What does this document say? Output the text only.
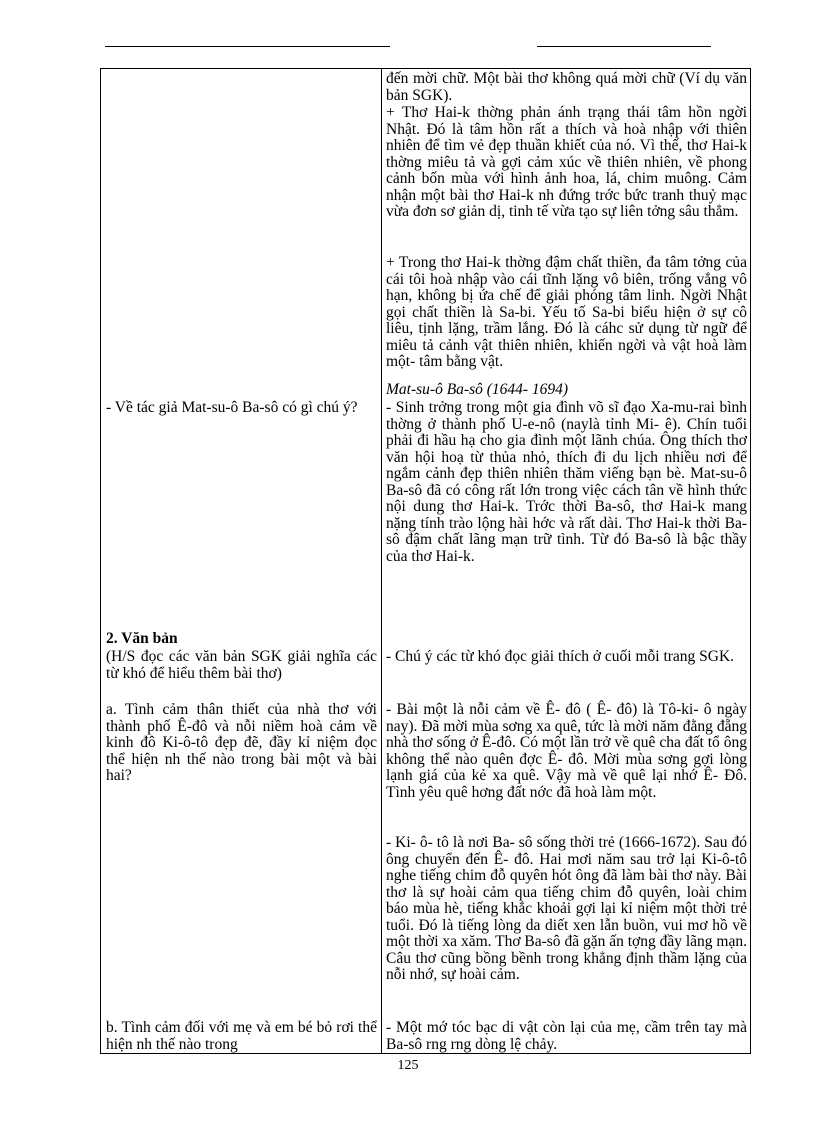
- Về tác giả Mat-su-ô Ba-sô có gì chú ý?

2. Văn bản

(H/S đọc các văn bản SGK giải nghĩa các từ khó để hiểu thêm bài thơ)

a. Tình cảm thân thiết của nhà thơ với thành phố Ê-đô và nỗi niềm hoà cảm về kinh đô Ki-ô-tô đẹp đẽ, đầy kỉ niệm đọc thể hiện nh thế nào trong bài một và bài hai?

b. Tình cảm đối với mẹ và em bé bỏ rơi thể hiện nh thế nào trong

đến mời chữ. Một bài thơ không quá mời chữ (Ví dụ văn bản SGK).

+ Thơ Hai-k thờng phản ánh trạng thái tâm hồn ngời Nhật. Đó là tâm hồn rất a thích và hoà nhập với thiên nhiên để tìm vẻ đẹp thuần khiết của nó. Vì thế, thơ Hai-k thờng miêu tả và gợi cảm xúc về thiên nhiên, về phong cảnh bốn mùa với hình ảnh hoa, lá, chim muông. Cảm nhận một bài thơ Hai-k nh đứng trớc bức tranh thuỷ mạc vừa đơn sơ giản dị, tinh tế vừa tạo sự liên tởng sâu thẳm.

+ Trong thơ Hai-k thờng đậm chất thiền, đa tâm tởng của cái tôi hoà nhập vào cái tĩnh lặng vô biên, trống vắng vô hạn, không bị ứa chế để giải phóng tâm linh. Ngời Nhật gọi chất thiền là Sa-bi. Yếu tố Sa-bi biểu hiện ở sự cô liêu, tịnh lặng, trầm lắng. Đó là cáhc sử dụng từ ngữ để miêu tả cảnh vật thiên nhiên, khiến ngời và vật hoà làm một- tâm bằng vật.

Mat-su-ô Ba-sô (1644- 1694)

- Sinh trởng trong một gia đình võ sĩ đạo Xa-mu-rai bình thờng ở thành phố U-e-nô (naylà tỉnh Mi- ê). Chín tuổi phải đi hầu hạ cho gia đình một lãnh chúa. Ông thích thơ văn hội hoạ từ thủa nhỏ, thích đi du lịch nhiều nơi để ngắm cảnh đẹp thiên nhiên thăm viếng bạn bè. Mat-su-ô Ba-sô đã có công rất lớn trong việc cách tân về hình thức nội dung thơ Hai-k. Trớc thời Ba-sô, thơ Hai-k mang nặng tính trào lộng hài hớc và rất dài. Thơ Hai-k thời Ba- sô đậm chất lãng mạn trữ tình. Từ đó Ba-sô là bậc thầy của thơ Hai-k.

- Chú ý các từ khó đọc giải thích ở cuối mỗi trang SGK.

- Bài một là nỗi cảm về Ê- đô ( Ê- đô) là Tô-ki- ô ngày nay). Đã mời mùa sơng xa quê, tức là mời năm đằng đẵng nhà thơ sống ở Ê-đô. Có một lần trở về quê cha đất tổ ông không thể nào quên đợc Ê- đô. Mời mùa sơng gợi lòng lạnh giá của kẻ xa quê. Vậy mà về quê lại nhớ Ê- Đô. Tình yêu quê hơng đất nớc đã hoà làm một.

- Ki- ô- tô là nơi Ba- sô sống thời trẻ (1666-1672). Sau đó ông chuyển đến Ê- đô. Hai mơi năm sau trở lại Ki-ô-tô nghe tiếng chim đỗ quyên hót ông đã làm bài thơ này. Bài thơ là sự hoài cảm qua tiếng chim đỗ quyên, loài chim báo mùa hè, tiếng khắc khoải gợi lại kỉ niệm một thời trẻ tuổi. Đó là tiếng lòng da diết xen lẫn buồn, vui mơ hồ về một thời xa xăm. Thơ Ba-sô đã gặn ấn tợng đầy lãng mạn. Câu thơ cũng bồng bềnh trong khẳng định thầm lặng của nỗi nhớ, sự hoài cảm.

- Một mớ tóc bạc di vật còn lại của mẹ, cầm trên tay mà Ba-sô rng rng dòng lệ chảy.

125
